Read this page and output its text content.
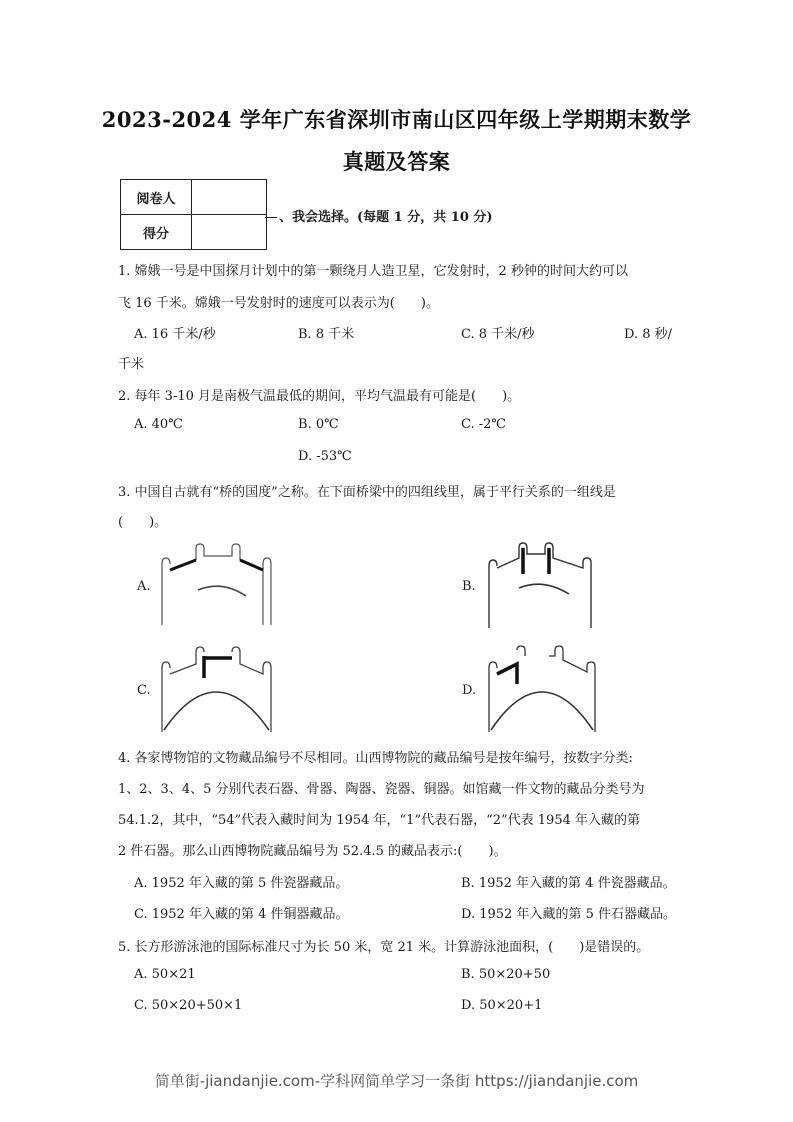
2023-2024 学年广东省深圳市南山区四年级上学期期末数学
真题及答案
阅卷人	
得分	
、我会选择。(每题 1 分，共 10 分)
1. 嫦娥一号是中国探月计划中的第一颗绕月人造卫星，它发射时，2 秒钟的时间大约可以
飞 16 千米。嫦娥一号发射时的速度可以表示为(　　)。
A. 16 千米/秒	B. 8 千米	C. 8 千米/秒	D. 8 秒/
千米
2. 每年 3-10 月是南极气温最低的期间，平均气温最有可能是(　　)。
A. 40℃	B. 0℃	C. -2℃
D. -53℃
3. 中国自古就有“桥的国度”之称。在下面桥梁中的四组线里，属于平行关系的一组线是
(　　)。
A.	B.
C.	D.
4. 各家博物馆的文物藏品编号不尽相同。山西博物院的藏品编号是按年编号，按数字分类:
1、2、3、4、5 分别代表石器、骨器、陶器、瓷器、铜器。如馆藏一件文物的藏品分类号为
54.1.2，其中，“54”代表入藏时间为 1954 年，“1”代表石器，“2”代表 1954 年入藏的第
2 件石器。那么山西博物院藏品编号为 52.4.5 的藏品表示:(　　)。
A. 1952 年入藏的第 5 件瓷器藏品。	B. 1952 年入藏的第 4 件瓷器藏品。
C. 1952 年入藏的第 4 件铜器藏品。	D. 1952 年入藏的第 5 件石器藏品。
5. 长方形游泳池的国际标准尺寸为长 50 米，宽 21 米。计算游泳池面积，(　　)是错误的。
A. 50×21	B. 50×20+50
C. 50×20+50×1	D. 50×20+1
简单街-jiandanjie.com-学科网简单学习一条街 https://jiandanjie.com
